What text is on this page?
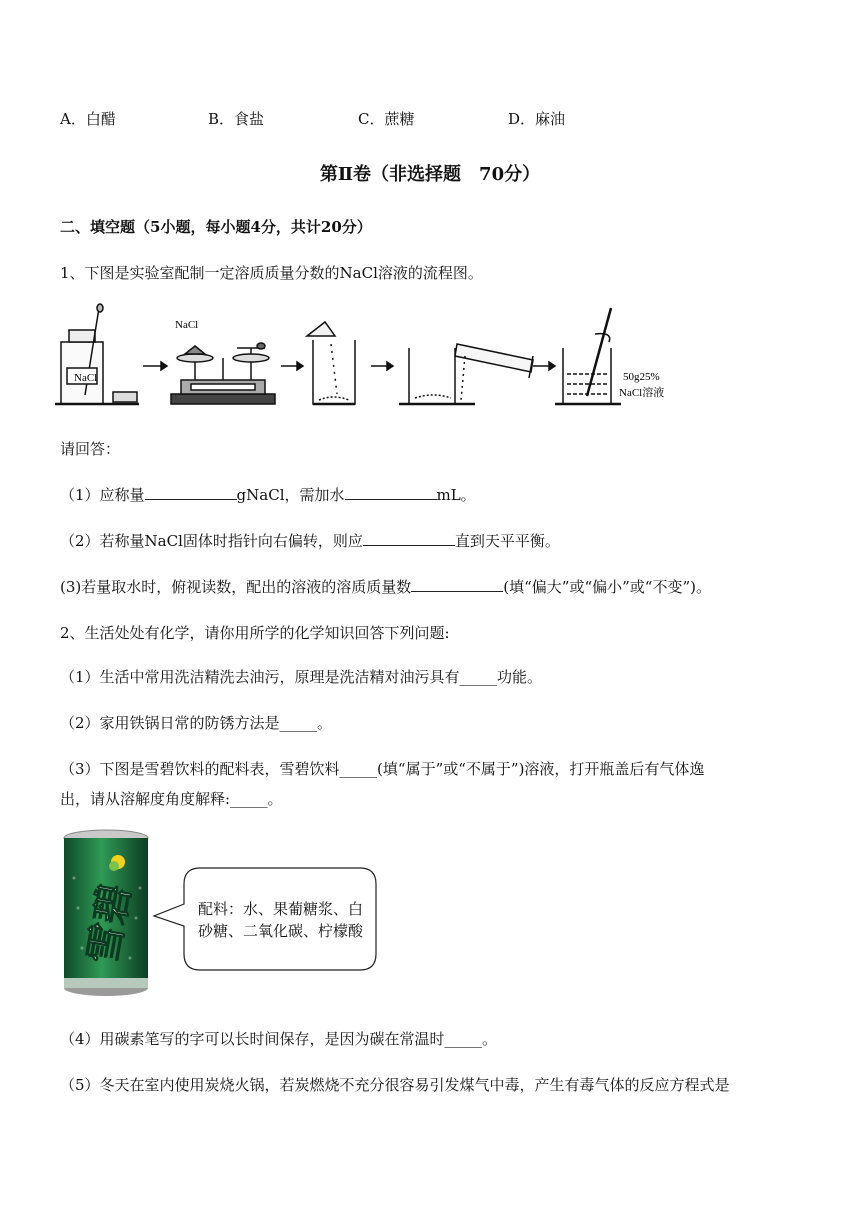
A．白醋	B．食盐	C．蔗糖	D．麻油
第Ⅱ卷（非选择题　70分）
二、填空题（5小题，每小题4分，共计20分）
1、下图是实验室配制一定溶质质量分数的NaCl溶液的流程图。
NaCl
NaCl
50g25%
NaCl溶液
请回答：
（1）应称量	gNaCl，需加水	mL。
（2）若称量NaCl固体时指针向右偏转，则应	直到天平平衡。
(3)若量取水时，俯视读数，配出的溶液的溶质质量数	(填“偏大”或“偏小”或“不变”)。
2、生活处处有化学，请你用所学的化学知识回答下列问题:
（1）生活中常用洗洁精洗去油污，原理是洗洁精对油污具有_____功能。
（2）家用铁锅日常的防锈方法是_____。
（3）下图是雪碧饮料的配料表，雪碧饮料_____(填“属于”或“不属于”)溶液，打开瓶盖后有气体逸
出，请从溶解度角度解释:_____。
雪碧	配料：水、果葡糖浆、白
砂糖、二氧化碳、柠檬酸
（4）用碳素笔写的字可以长时间保存，是因为碳在常温时_____。
（5）冬天在室内使用炭烧火锅，若炭燃烧不充分很容易引发煤气中毒，产生有毒气体的反应方程式是
